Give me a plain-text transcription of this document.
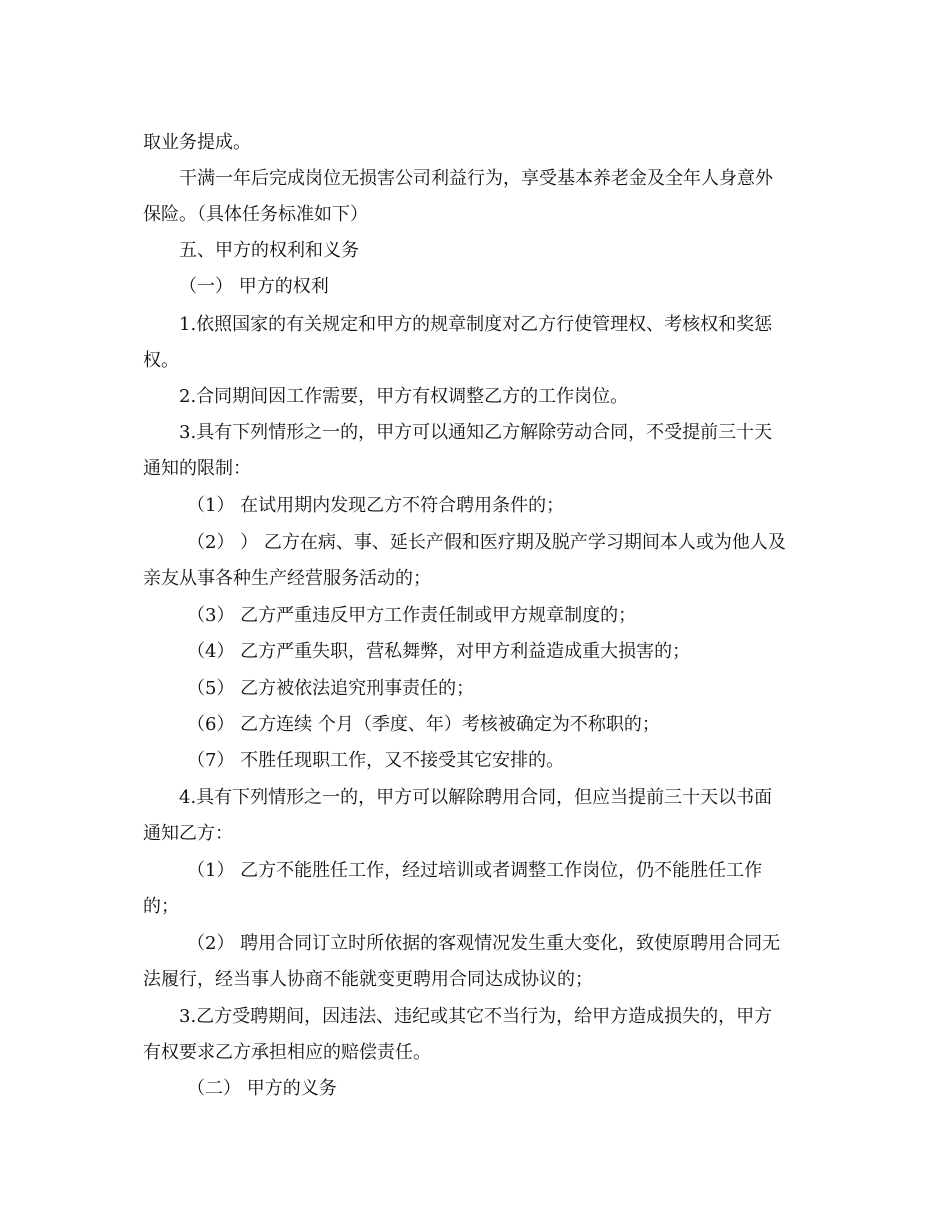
取业务提成。
干满一年后完成岗位无损害公司利益行为，享受基本养老金及全年人身意外
保险。（具体任务标准如下）
五、甲方的权利和义务
（一） 甲方的权利
1.依照国家的有关规定和甲方的规章制度对乙方行使管理权、考核权和奖惩
权。
2.合同期间因工作需要，甲方有权调整乙方的工作岗位。
3.具有下列情形之一的，甲方可以通知乙方解除劳动合同，不受提前三十天
通知的限制：
（1） 在试用期内发现乙方不符合聘用条件的；
（2） ） 乙方在病、事、延长产假和医疗期及脱产学习期间本人或为他人及
亲友从事各种生产经营服务活动的；
（3） 乙方严重违反甲方工作责任制或甲方规章制度的；
（4） 乙方严重失职，营私舞弊，对甲方利益造成重大损害的；
（5） 乙方被依法追究刑事责任的；
（6） 乙方连续 个月（季度、年）考核被确定为不称职的；
（7） 不胜任现职工作，又不接受其它安排的。
4.具有下列情形之一的，甲方可以解除聘用合同，但应当提前三十天以书面
通知乙方：
（1） 乙方不能胜任工作，经过培训或者调整工作岗位，仍不能胜任工作
的；
（2） 聘用合同订立时所依据的客观情况发生重大变化，致使原聘用合同无
法履行，经当事人协商不能就变更聘用合同达成协议的；
3.乙方受聘期间，因违法、违纪或其它不当行为，给甲方造成损失的，甲方
有权要求乙方承担相应的赔偿责任。
（二） 甲方的义务
